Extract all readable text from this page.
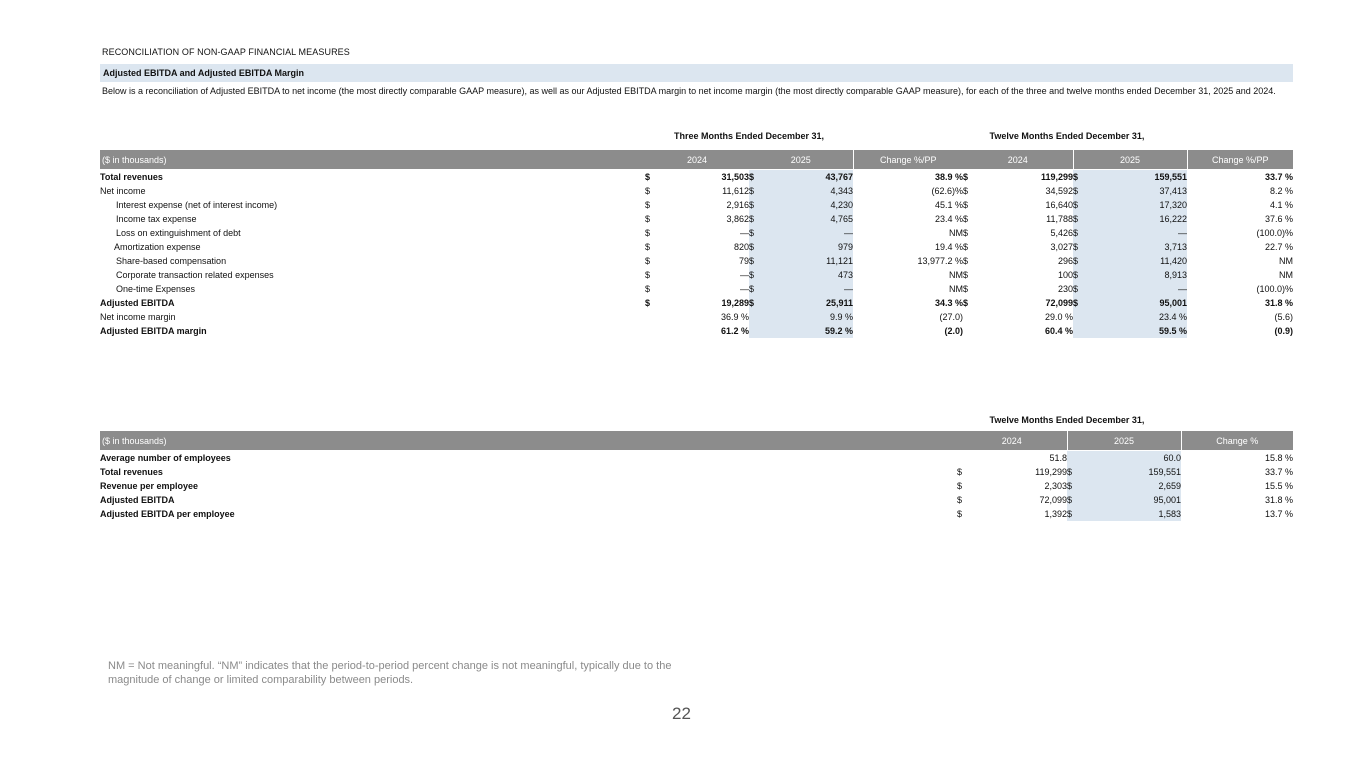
RECONCILIATION OF NON-GAAP FINANCIAL MEASURES
Adjusted EBITDA and Adjusted EBITDA Margin
Below is a reconciliation of Adjusted EBITDA to net income (the most directly comparable GAAP measure), as well as our Adjusted EBITDA margin to net income margin (the most directly comparable GAAP measure), for each of the three and twelve months ended December 31, 2025 and 2024.
Three Months Ended December 31,	Twelve Months Ended December 31,
($ in thousands)	2024		2025		Change %/PP	2024		2025		Change %/PP
Total revenues	$	31,503	$	43,767	38.9 %	$	119,299	$	159,551	33.7 %
Net income	$	11,612	$	4,343	(62.6)%	$	34,592	$	37,413	8.2 %
Interest expense (net of interest income)	$	2,916	$	4,230	45.1 %	$	16,640	$	17,320	4.1 %
Income tax expense	$	3,862	$	4,765	23.4 %	$	11,788	$	16,222	37.6 %
Loss on extinguishment of debt	$	—	$	—	NM	$	5,426	$	—	(100.0)%
Amortization expense	$	820	$	979	19.4 %	$	3,027	$	3,713	22.7 %
Share-based compensation	$	79	$	11,121	13,977.2 %	$	296	$	11,420	NM
Corporate transaction related expenses	$	—	$	473	NM	$	100	$	8,913	NM
One-time Expenses	$	—	$	—	NM	$	230	$	—	(100.0)%
Adjusted EBITDA	$	19,289	$	25,911	34.3 %	$	72,099	$	95,001	31.8 %
Net income margin		36.9 %		9.9 %	(27.0)		29.0 %		23.4 %	(5.6)
Adjusted EBITDA margin		61.2 %		59.2 %	(2.0)		60.4 %		59.5 %	(0.9)
Twelve Months Ended December 31,
($ in thousands)	2024		2025		Change %
Average number of employees		51.8		60.0	15.8 %
Total revenues	$	119,299	$	159,551	33.7 %
Revenue per employee	$	2,303	$	2,659	15.5 %
Adjusted EBITDA	$	72,099	$	95,001	31.8 %
Adjusted EBITDA per employee	$	1,392	$	1,583	13.7 %
NM = Not meaningful. “NM” indicates that the period-to-period percent change is not meaningful, typically due to the magnitude of change or limited comparability between periods.
22
